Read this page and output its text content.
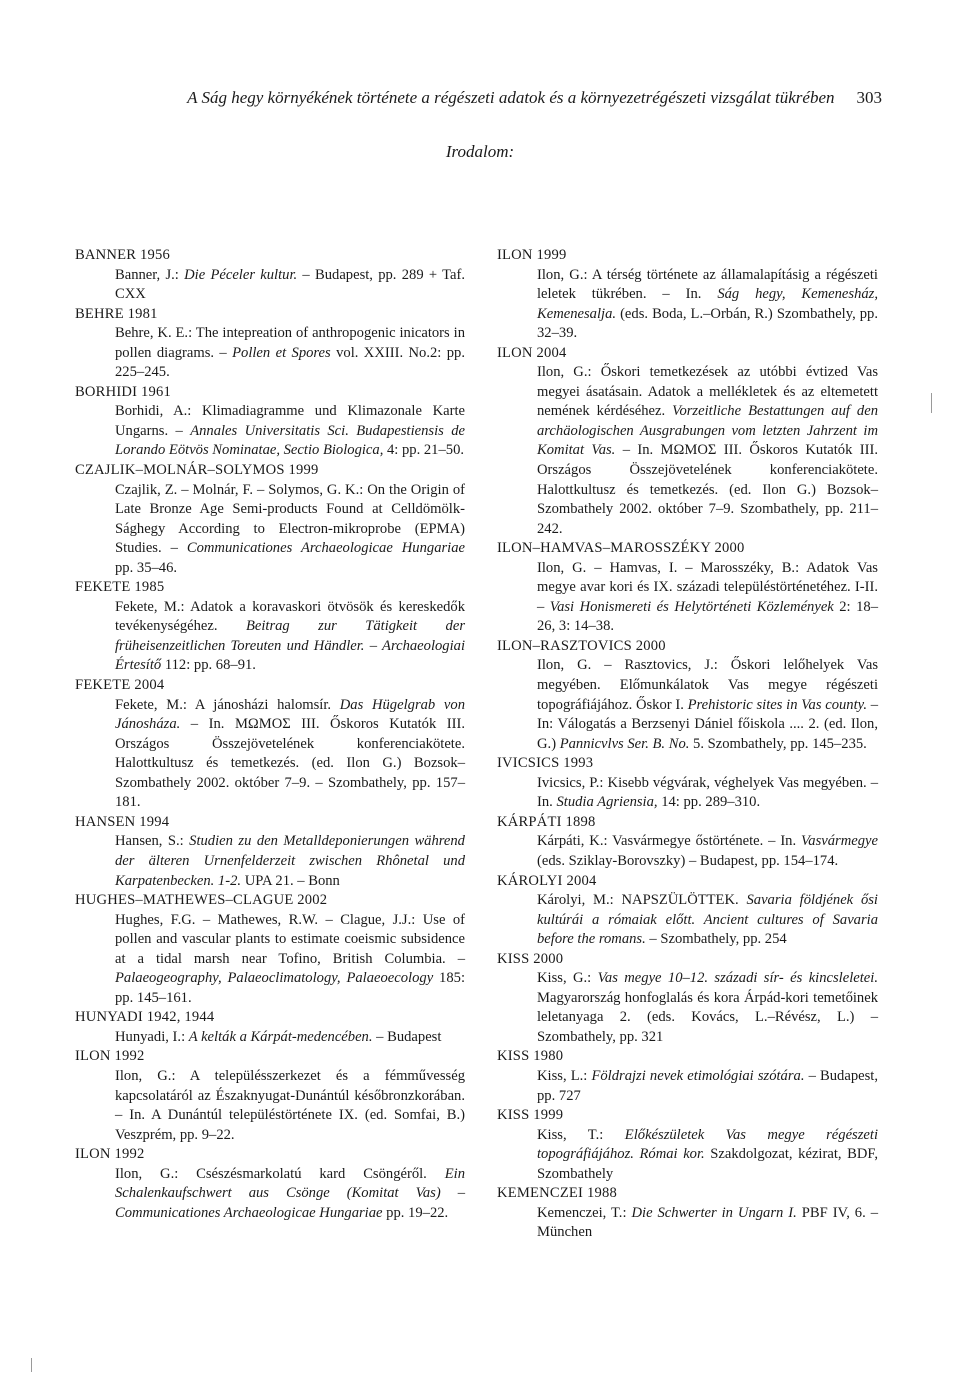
A Ság hegy környékének története a régészeti adatok és a környezetrégészeti vizsgálat tükrében 303
Irodalom:
BANNER 1956
Banner, J.: Die Péceler kultur. – Budapest, pp. 289 + Taf. CXX
BEHRE 1981
Behre, K. E.: The intepreation of anthropogenic inicators in pollen diagrams. – Pollen et Spores vol. XXIII. No.2: pp. 225–245.
BORHIDI 1961
Borhidi, A.: Klimadiagramme und Klimazonale Karte Ungarns. – Annales Universitatis Sci. Budapestiensis de Lorando Eötvös Nominatae, Sectio Biologica, 4: pp. 21–50.
CZAJLIK–MOLNÁR–SOLYMOS 1999
Czajlik, Z. – Molnár, F. – Solymos, G. K.: On the Origin of Late Bronze Age Semi-products Found at Celldömölk-Sághegy According to Electron-mikroprobe (EPMA) Studies. – Communicationes Archaeologicae Hungariae pp. 35–46.
FEKETE 1985
Fekete, M.: Adatok a koravaskori ötvösök és kereskedők tevékenységéhez. Beitrag zur Tätigkeit der früheisenzeitlichen Toreuten und Händler. – Archaeologiai Értesítő 112: pp. 68–91.
FEKETE 2004
Fekete, M.: A jánosházi halomsír. Das Hügelgrab von Jánosháza. – In. ΜΩΜΟΣ III. Őskoros Kutatók III. Országos Összejövetelének konferenciakötete. Halottkultusz és temetkezés. (ed. Ilon G.) Bozsok–Szombathely 2002. október 7–9. – Szombathely, pp. 157–181.
HANSEN 1994
Hansen, S.: Studien zu den Metalldeponierungen während der älteren Urnenfelderzeit zwischen Rhônetal und Karpatenbecken. 1-2. UPA 21. – Bonn
HUGHES–MATHEWES–CLAGUE 2002
Hughes, F.G. – Mathewes, R.W. – Clague, J.J.: Use of pollen and vascular plants to estimate coeismic subsidence at a tidal marsh near Tofino, British Columbia. – Palaeogeography, Palaeoclimatology, Palaeoecology 185: pp. 145–161.
HUNYADI 1942, 1944
Hunyadi, I.: A kelták a Kárpát-medencében. – Budapest
ILON 1992
Ilon, G.: A településszerkezet és a fémművesség kapcsolatáról az Északnyugat-Dunántúl későbronzkorában. – In. A Dunántúl településtörténete IX. (ed. Somfai, B.) Veszprém, pp. 9–22.
ILON 1992
Ilon, G.: Csészésmarkolatú kard Csöngéről. Ein Schalenkaufschwert aus Csönge (Komitat Vas) – Communicationes Archaeologicae Hungariae pp. 19–22.
ILON 1999
Ilon, G.: A térség története az államalapításig a régészeti leletek tükrében. – In. Ság hegy, Kemenesház, Kemenesalja. (eds. Boda, L.–Orbán, R.) Szombathely, pp. 32–39.
ILON 2004
Ilon, G.: Őskori temetkezések az utóbbi évtized Vas megyei ásatásain. Adatok a mellékletek és az eltemetett nemének kérdéséhez. Vorzeitliche Bestattungen auf den archäologischen Ausgrabungen vom letzten Jahrzent im Komitat Vas. – In. ΜΩΜΟΣ III. Őskoros Kutatók III. Országos Összejövetelének konferenciakötete. Halottkultusz és temetkezés. (ed. Ilon G.) Bozsok–Szombathely 2002. október 7–9. Szombathely, pp. 211–242.
ILON–HAMVAS–MAROSSZÉKY 2000
Ilon, G. – Hamvas, I. – Marosszéky, B.: Adatok Vas megye avar kori és IX. századi településtörténetéhez. I-II. – Vasi Honismereti és Helytörténeti Közlemények 2: 18–26, 3: 14–38.
ILON–RASZTOVICS 2000
Ilon, G. – Rasztovics, J.: Őskori lelőhelyek Vas megyében. Előmunkálatok Vas megye régészeti topográfiájához. Őskor I. Prehistoric sites in Vas county. – In: Válogatás a Berzsenyi Dániel főiskola .... 2. (ed. Ilon, G.) Pannicvlvs Ser. B. No. 5. Szombathely, pp. 145–235.
IVICSICS 1993
Ivicsics, P.: Kisebb végvárak, véghelyek Vas megyében. – In. Studia Agriensia, 14: pp. 289–310.
KÁRPÁTI 1898
Kárpáti, K.: Vasvármegye őstörténete. – In. Vasvármegye (eds. Sziklay-Borovszky) – Budapest, pp. 154–174.
KÁROLYI 2004
Károlyi, M.: NAPSZÜLÖTTEK. Savaria földjének ősi kultúrái a rómaiak előtt. Ancient cultures of Savaria before the romans. – Szombathely, pp. 254
KISS 2000
Kiss, G.: Vas megye 10–12. századi sír- és kincsleletei. Magyarország honfoglalás és kora Árpád-kori temetőinek leletanyaga 2. (eds. Kovács, L.–Révész, L.) – Szombathely, pp. 321
KISS 1980
Kiss, L.: Földrajzi nevek etimológiai szótára. – Budapest, pp. 727
KISS 1999
Kiss, T.: Előkészületek Vas megye régészeti topográfiájához. Római kor. Szakdolgozat, kézirat, BDF, Szombathely
KEMENCZEI 1988
Kemenczei, T.: Die Schwerter in Ungarn I. PBF IV, 6. – München
